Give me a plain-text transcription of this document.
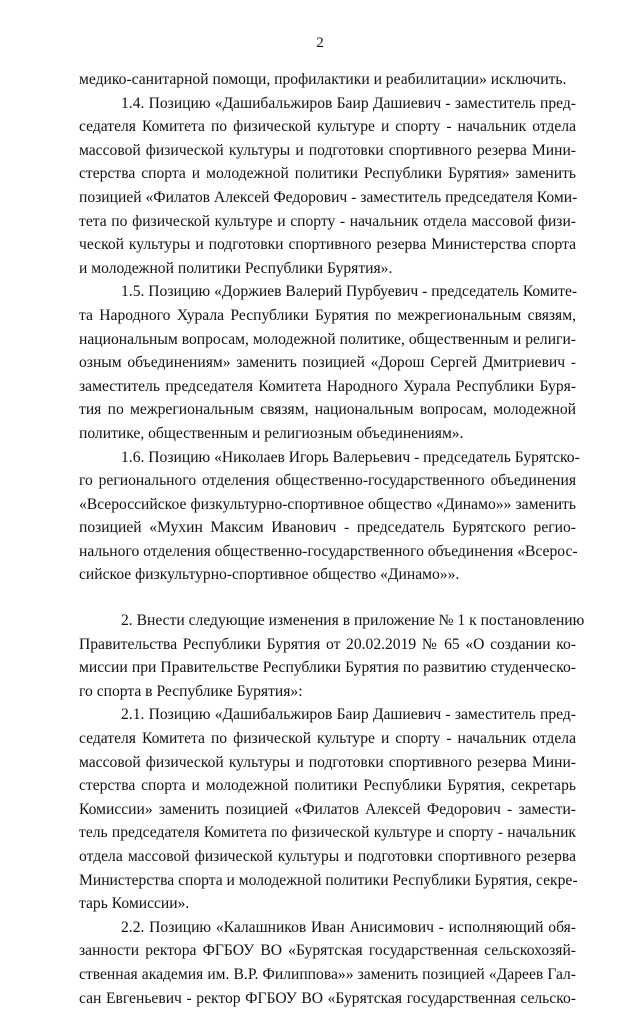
2
медико-санитарной помощи, профилактики и реабилитации» исключить.
1.4. Позицию «Дашибальжиров Баир Дашиевич - заместитель пред-
седателя Комитета по физической культуре и спорту - начальник отдела
массовой физической культуры и подготовки спортивного резерва Мини-
стерства спорта и молодежной политики Республики Бурятия» заменить
позицией «Филатов Алексей Федорович - заместитель председателя Коми-
тета по физической культуре и спорту - начальник отдела массовой физи-
ческой культуры и подготовки спортивного резерва Министерства спорта
и молодежной политики Республики Бурятия».
1.5. Позицию «Доржиев Валерий Пурбуевич - председатель Комите-
та Народного Хурала Республики Бурятия по межрегиональным связям,
национальным вопросам, молодежной политике, общественным и религи-
озным объединениям» заменить позицией «Дорош Сергей Дмитриевич -
заместитель председателя Комитета Народного Хурала Республики Буря-
тия по межрегиональным связям, национальным вопросам, молодежной
политике, общественным и религиозным объединениям».
1.6. Позицию «Николаев Игорь Валерьевич - председатель Бурятско-
го регионального отделения общественно-государственного объединения
«Всероссийское физкультурно-спортивное общество «Динамо»» заменить
позицией «Мухин Максим Иванович - председатель Бурятского регио-
нального отделения общественно-государственного объединения «Всерос-
сийское физкультурно-спортивное общество «Динамо»».
2. Внести следующие изменения в приложение № 1 к постановлению
Правительства Республики Бурятия от 20.02.2019 № 65 «О создании ко-
миссии при Правительстве Республики Бурятия по развитию студенческо-
го спорта в Республике Бурятия»:
2.1. Позицию «Дашибальжиров Баир Дашиевич - заместитель пред-
седателя Комитета по физической культуре и спорту - начальник отдела
массовой физической культуры и подготовки спортивного резерва Мини-
стерства спорта и молодежной политики Республики Бурятия, секретарь
Комиссии» заменить позицией «Филатов Алексей Федорович - замести-
тель председателя Комитета по физической культуре и спорту - начальник
отдела массовой физической культуры и подготовки спортивного резерва
Министерства спорта и молодежной политики Республики Бурятия, секре-
тарь Комиссии».
2.2. Позицию «Калашников Иван Анисимович - исполняющий обя-
занности ректора ФГБОУ ВО «Бурятская государственная сельскохозяй-
ственная академия им. В.Р. Филиппова»» заменить позицией «Дареев Гал-
сан Евгеньевич - ректор ФГБОУ ВО «Бурятская государственная сельско-
